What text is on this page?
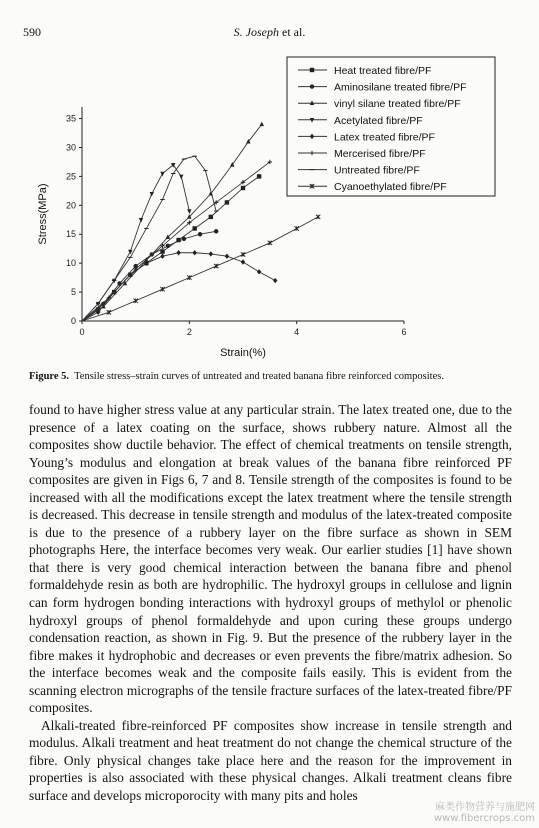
590	S. Joseph et al.
0
5
10
15
20
25
30
35
0	2	4	6
Strain(%)
Stress(MPa)
Heat treated fibre/PF
Aminosilane treated fibre/PF
vinyl silane treated fibre/PF
Acetylated fibre/PF
Latex treated fibre/PF
Mercerised fibre/PF
Untreated fibre/PF
Cyanoethylated fibre/PF
Figure 5. Tensile stress–strain curves of untreated and treated banana fibre reinforced composites.

found to have higher stress value at any particular strain. The latex treated one, due to the presence of a latex coating on the surface, shows rubbery nature. Almost all the composites show ductile behavior. The effect of chemical treatments on tensile strength, Young’s modulus and elongation at break values of the banana fibre reinforced PF composites are given in Figs 6, 7 and 8. Tensile strength of the composites is found to be increased with all the modifications except the latex treatment where the tensile strength is decreased. This decrease in tensile strength and modulus of the latex-treated composite is due to the presence of a rubbery layer on the fibre surface as shown in SEM photographs Here, the interface becomes very weak. Our earlier studies [1] have shown that there is very good chemical interaction between the banana fibre and phenol formaldehyde resin as both are hydrophilic. The hydroxyl groups in cellulose and lignin can form hydrogen bonding interactions with hydroxyl groups of methylol or phenolic hydroxyl groups of phenol formaldehyde and upon curing these groups undergo condensation reaction, as shown in Fig. 9. But the presence of the rubbery layer in the fibre makes it hydrophobic and decreases or even prevents the fibre/matrix adhesion. So the interface becomes weak and the composite fails easily. This is evident from the scanning electron micrographs of the tensile fracture surfaces of the latex-treated fibre/PF composites.

Alkali-treated fibre-reinforced PF composites show increase in tensile strength and modulus. Alkali treatment and heat treatment do not change the chemical structure of the fibre. Only physical changes take place here and the reason for the improvement in properties is also associated with these physical changes. Alkali treatment cleans fibre surface and develops microporocity with many pits and holes

麻类作物营养与施肥网
www.fibercrops.com
